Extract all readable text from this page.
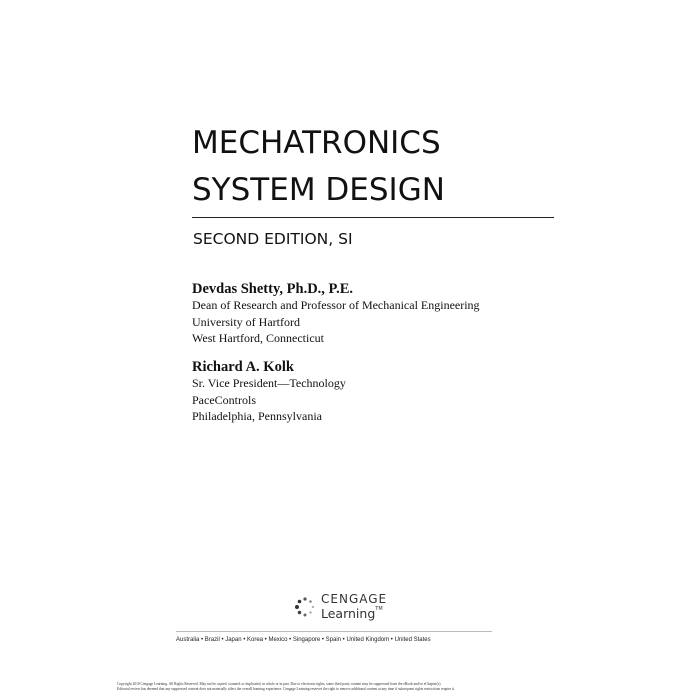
MECHATRONICS
SYSTEM DESIGN
SECOND EDITION, SI
Devdas Shetty, Ph.D., P.E.
Dean of Research and Professor of Mechanical Engineering
University of Hartford
West Hartford, Connecticut
Richard A. Kolk
Sr. Vice President—Technology
PaceControls
Philadelphia, Pennsylvania
CENGAGE
Learning™
Australia • Brazil • Japan • Korea • Mexico • Singapore • Spain • United Kingdom • United States
Copyright 2010 Cengage Learning. All Rights Reserved. May not be copied, scanned, or duplicated, in whole or in part. Due to electronic rights, some third party content may be suppressed from the eBook and/or eChapter(s).
Editorial review has deemed that any suppressed content does not materially affect the overall learning experience. Cengage Learning reserves the right to remove additional content at any time if subsequent rights restrictions require it.
